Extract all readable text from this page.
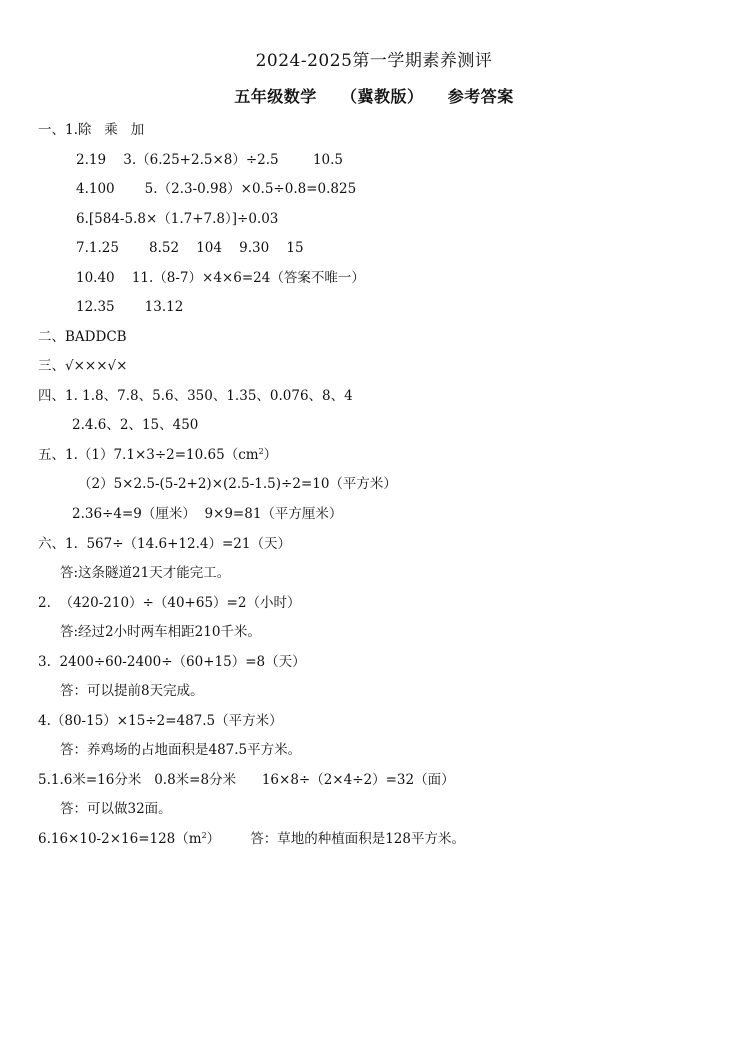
2024-2025第一学期素养测评
五年级数学    （冀教版）    参考答案
一、1.除   乘   加
2.19    3.（6.25+2.5×8）÷2.5        10.5
4.100       5.（2.3-0.98）×0.5÷0.8=0.825
6.[584-5.8×（1.7+7.8）]÷0.03
7.1.25       8.52    104    9.30    15
10.40    11.（8-7）×4×6=24（答案不唯一）
12.35       13.12
二、BADDCB
三、√×××√×
四、1. 1.8、7.8、5.6、350、1.35、0.076、8、4
2.4.6、2、15、450
五、$1.(1)7.1\times 3\div 2=10.65(cm^2)$
（2）5×2.5-(5-2+2)×(2.5-1.5)÷2=10（平方米）
2.36÷4=9（厘米）  9×9=81（平方厘米）
六、1.  567÷（14.6+12.4）=21（天）
答:这条隧道21天才能完工。
2.  （420-210）÷（40+65）=2（小时）
答:经过2小时两车相距210千米。
3.  2400÷60-2400÷（60+15）=8（天）
答：可以提前8天完成。
4.（80-15）×15÷2=487.5（平方米）
答：养鸡场的占地面积是487.5平方米。
5.1.6米=16分米   0.8米=8分米      16×8÷（2×4÷2）=32（面）
答：可以做32面。
$6.16\times 10-2\times 16=128(m^2)$       答：草地的种植面积是128平方米。
